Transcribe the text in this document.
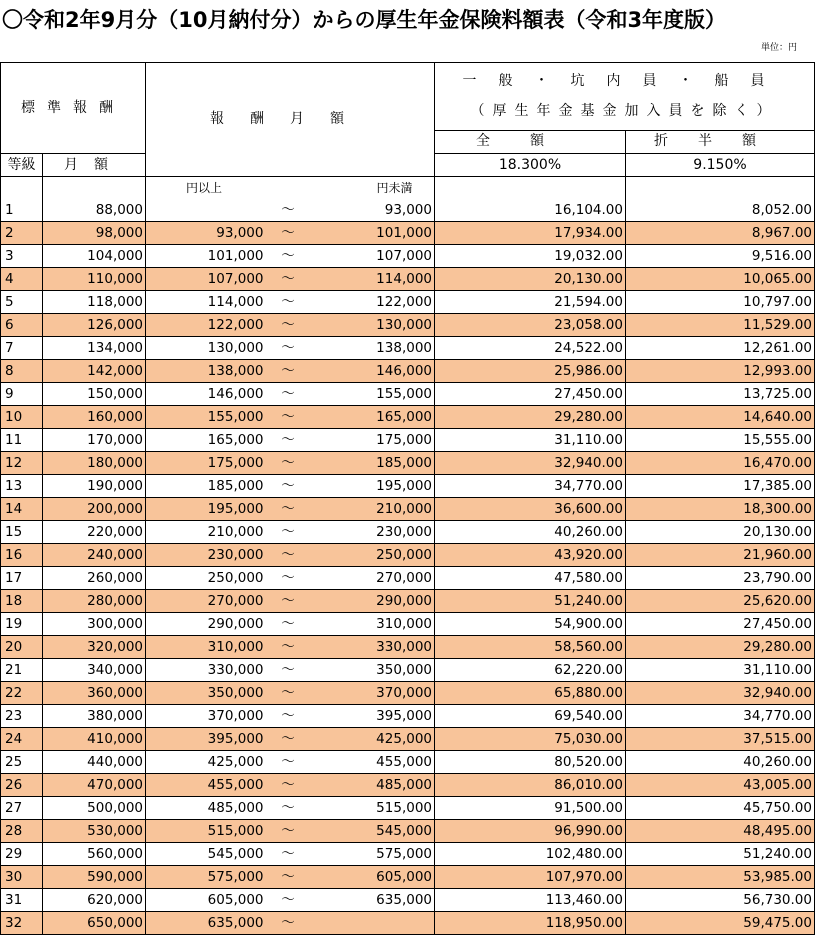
〇令和2年9月分（10月納付分）からの厚生年金保険料額表（令和3年度版）
単位：円
標準報酬		報酬月額			一般・坑内員・船員
（厚生年金基金加入員を除く）	

					全額	折半額
等級	月額				18.300%	9.150%
		円以上		円未満		
1	88,000		～	93,000	16,104.00	8,052.00
2	98,000	93,000	～	101,000	17,934.00	8,967.00
3	104,000	101,000	～	107,000	19,032.00	9,516.00
4	110,000	107,000	～	114,000	20,130.00	10,065.00
5	118,000	114,000	～	122,000	21,594.00	10,797.00
6	126,000	122,000	～	130,000	23,058.00	11,529.00
7	134,000	130,000	～	138,000	24,522.00	12,261.00
8	142,000	138,000	～	146,000	25,986.00	12,993.00
9	150,000	146,000	～	155,000	27,450.00	13,725.00
10	160,000	155,000	～	165,000	29,280.00	14,640.00
11	170,000	165,000	～	175,000	31,110.00	15,555.00
12	180,000	175,000	～	185,000	32,940.00	16,470.00
13	190,000	185,000	～	195,000	34,770.00	17,385.00
14	200,000	195,000	～	210,000	36,600.00	18,300.00
15	220,000	210,000	～	230,000	40,260.00	20,130.00
16	240,000	230,000	～	250,000	43,920.00	21,960.00
17	260,000	250,000	～	270,000	47,580.00	23,790.00
18	280,000	270,000	～	290,000	51,240.00	25,620.00
19	300,000	290,000	～	310,000	54,900.00	27,450.00
20	320,000	310,000	～	330,000	58,560.00	29,280.00
21	340,000	330,000	～	350,000	62,220.00	31,110.00
22	360,000	350,000	～	370,000	65,880.00	32,940.00
23	380,000	370,000	～	395,000	69,540.00	34,770.00
24	410,000	395,000	～	425,000	75,030.00	37,515.00
25	440,000	425,000	～	455,000	80,520.00	40,260.00
26	470,000	455,000	～	485,000	86,010.00	43,005.00
27	500,000	485,000	～	515,000	91,500.00	45,750.00
28	530,000	515,000	～	545,000	96,990.00	48,495.00
29	560,000	545,000	～	575,000	102,480.00	51,240.00
30	590,000	575,000	～	605,000	107,970.00	53,985.00
31	620,000	605,000	～	635,000	113,460.00	56,730.00
32	650,000	635,000	～		118,950.00	59,475.00
